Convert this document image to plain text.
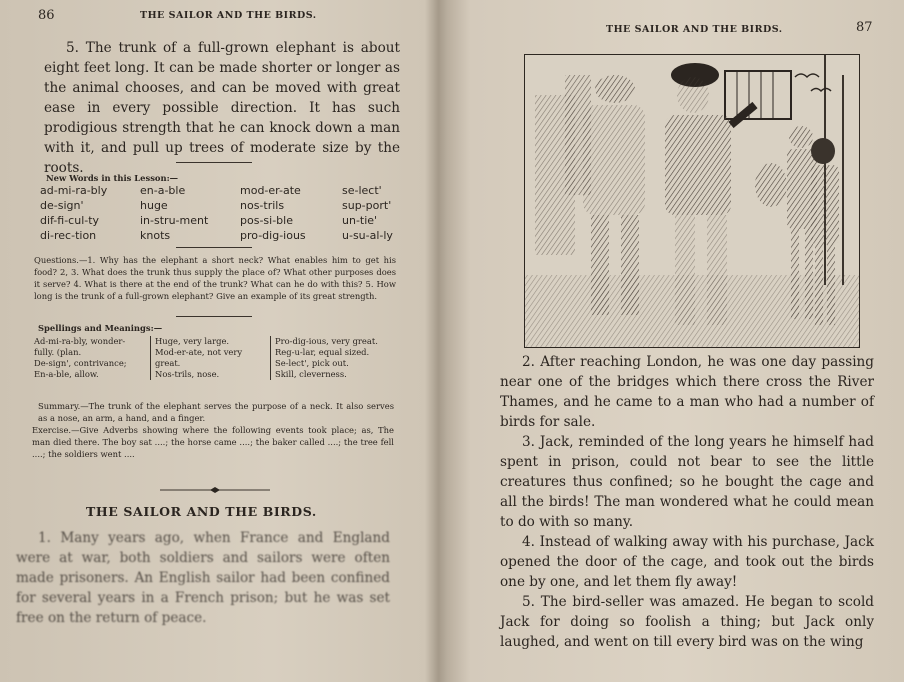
86	THE SAILOR AND THE BIRDS.

5. The trunk of a full-grown elephant is about eight feet long. It can be made shorter or longer as the animal chooses, and can be moved with great ease in every possible direction. It has such prodigious strength that he can knock down a man with it, and pull up trees of moderate size by the roots.

New Words in this Lesson:—
ad-mi-ra-bly	en-a-ble	mod-er-ate	se-lect'
de-sign'	huge	nos-trils	sup-port'
dif-fi-cul-ty	in-stru-ment	pos-si-ble	un-tie'
di-rec-tion	knots	pro-dig-ious	u-su-al-ly

Questions.—1. Why has the elephant a short neck? What enables him to get his food? 2, 3. What does the trunk thus supply the place of? What other purposes does it serve? 4. What is there at the end of the trunk? What can he do with this? 5. How long is the trunk of a full-grown elephant? Give an example of its great strength.

Spellings and Meanings:—
Ad-mi-ra-bly, wonder-
fully. (plan.
De-sign', contrivance;
En-a-ble, allow.
Huge, very large.
Mod-er-ate, not very
great.
Nos-trils, nose.
Pro-dig-ious, very great.
Reg-u-lar, equal sized.
Se-lect', pick out.
Skill, cleverness.

Summary.—The trunk of the elephant serves the purpose of a neck. It also serves as a nose, an arm, a hand, and a finger.

Exercise.—Give Adverbs showing where the following events took place; as, The man died there. The boy sat ....; the horse came ....; the baker called ....; the tree fell ....; the soldiers went ....

THE SAILOR AND THE BIRDS.

1. Many years ago, when France and England were at war, both soldiers and sailors were often made prisoners. An English sailor had been confined for several years in a French prison; but he was set free on the return of peace.

THE SAILOR AND THE BIRDS.	87

2. After reaching London, he was one day passing near one of the bridges which there cross the River Thames, and he came to a man who had a number of birds for sale.

3. Jack, reminded of the long years he himself had spent in prison, could not bear to see the little creatures thus confined; so he bought the cage and all the birds! The man wondered what he could mean to do with so many.

4. Instead of walking away with his purchase, Jack opened the door of the cage, and took out the birds one by one, and let them fly away!

5. The bird-seller was amazed. He began to scold Jack for doing so foolish a thing; but Jack only laughed, and went on till every bird was on the wing
